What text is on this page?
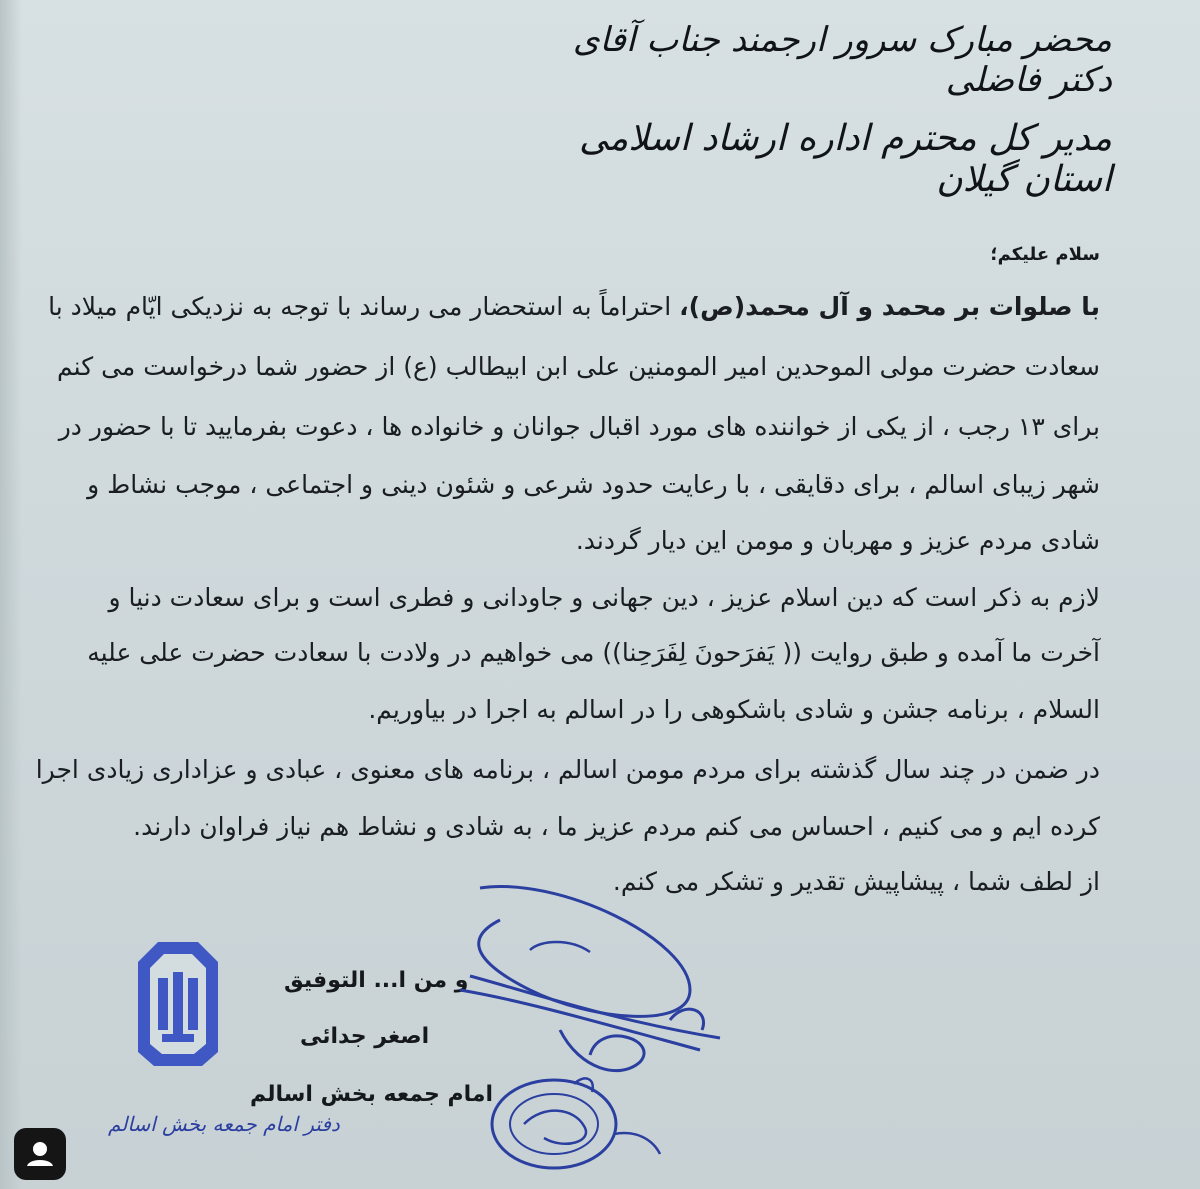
محضر مبارک سرور ارجمند جناب آقای دکتر فاضلی
مدیر کل محترم اداره ارشاد اسلامی استان گیلان
سلام علیکم؛
با صلوات بر محمد و آل محمد(ص)، احتراماً به استحضار می رساند با توجه به نزدیکی ایّام میلاد با
سعادت حضرت مولی الموحدین امیر المومنین علی ابن ابیطالب (ع) از حضور شما درخواست می کنم
برای ۱۳ رجب ، از یکی از خواننده های مورد اقبال جوانان و خانواده ها ، دعوت بفرمایید تا با حضور در
شهر زیبای اسالم ، برای دقایقی ، با رعایت حدود شرعی و شئون دینی و اجتماعی ، موجب نشاط و
شادی مردم عزیز و مهربان و مومن این دیار گردند.
لازم به ذکر است که دین اسلام عزیز ، دین جهانی و جاودانی و فطری است و برای سعادت دنیا و
آخرت ما آمده و طبق روایت (( یَفرَحونَ لِفَرَحِنا)) می خواهیم در ولادت با سعادت حضرت علی علیه
السلام ، برنامه جشن و شادی باشکوهی را در اسالم به اجرا در بیاوریم.
در ضمن در چند سال گذشته برای مردم مومن اسالم ، برنامه های معنوی ، عبادی و عزاداری زیادی اجرا
کرده ایم و می کنیم ، احساس می کنم مردم عزیز ما ، به شادی و نشاط هم نیاز فراوان دارند.
از لطف شما ، پیشاپیش تقدیر و تشکر می کنم.
و من ا... التوفیق
اصغر جدائی
امام جمعه بخش اسالم
دفتر امام جمعه بخش اسالم
